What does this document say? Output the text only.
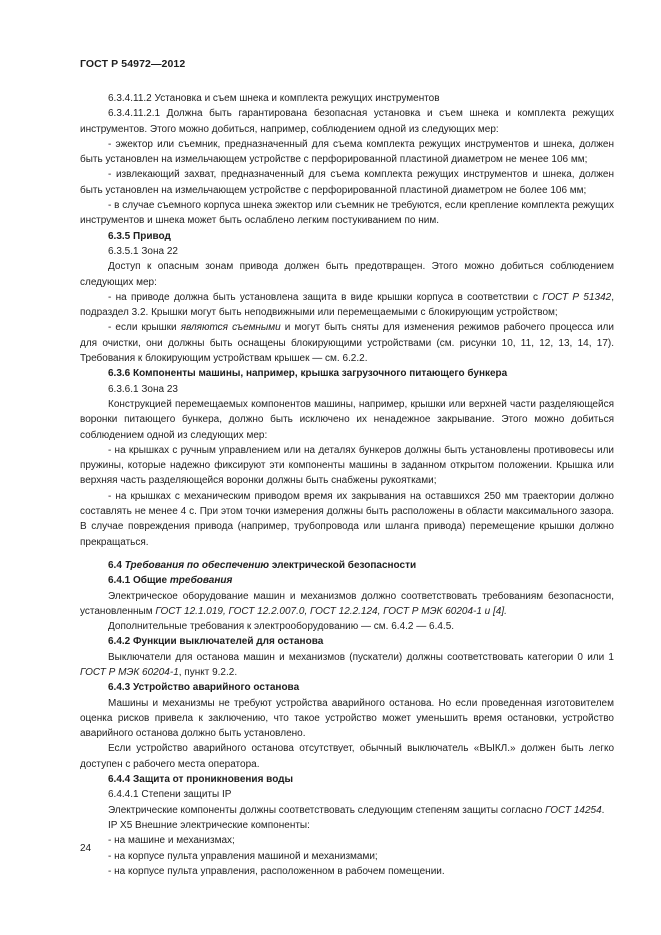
ГОСТ Р 54972—2012

6.3.4.11.2 Установка и съем шнека и комплекта режущих инструментов

6.3.4.11.2.1 Должна быть гарантирована безопасная установка и съем шнека и комплекта режущих инструментов. Этого можно добиться, например, соблюдением одной из следующих мер:

- эжектор или съемник, предназначенный для съема комплекта режущих инструментов и шнека, должен быть установлен на измельчающем устройстве с перфорированной пластиной диаметром не менее 106 мм;

- извлекающий захват, предназначенный для съема комплекта режущих инструментов и шнека, должен быть установлен на измельчающем устройстве с перфорированной пластиной диаметром не более 106 мм;

- в случае съемного корпуса шнека эжектор или съемник не требуются, если крепление комплекта режущих инструментов и шнека может быть ослаблено легким постукиванием по ним.

6.3.5 Привод

6.3.5.1 Зона 22

Доступ к опасным зонам привода должен быть предотвращен. Этого можно добиться соблюдением следующих мер:

- на приводе должна быть установлена защита в виде крышки корпуса в соответствии с ГОСТ Р 51342, подраздел 3.2. Крышки могут быть неподвижными или перемещаемыми с блокирующим устройством;

- если крышки являются съемными и могут быть сняты для изменения режимов рабочего процесса или для очистки, они должны быть оснащены блокирующими устройствами (см. рисунки 10, 11, 12, 13, 14, 17). Требования к блокирующим устройствам крышек — см. 6.2.2.

6.3.6 Компоненты машины, например, крышка загрузочного питающего бункера

6.3.6.1 Зона 23

Конструкцией перемещаемых компонентов машины, например, крышки или верхней части разделяющейся воронки питающего бункера, должно быть исключено их ненадежное закрывание. Этого можно добиться соблюдением одной из следующих мер:

- на крышках с ручным управлением или на деталях бункеров должны быть установлены противовесы или пружины, которые надежно фиксируют эти компоненты машины в заданном открытом положении. Крышка или верхняя часть разделяющейся воронки должны быть снабжены рукоятками;

- на крышках с механическим приводом время их закрывания на оставшихся 250 мм траектории должно составлять не менее 4 с. При этом точки измерения должны быть расположены в области максимального зазора. В случае повреждения привода (например, трубопровода или шланга привода) перемещение крышки должно прекращаться.

6.4 Требования по обеспечению электрической безопасности

6.4.1 Общие требования

Электрическое оборудование машин и механизмов должно соответствовать требованиям безопасности, установленным ГОСТ 12.1.019, ГОСТ 12.2.007.0, ГОСТ 12.2.124, ГОСТ Р МЭК 60204-1 и [4].

Дополнительные требования к электрооборудованию — см. 6.4.2 — 6.4.5.

6.4.2 Функции выключателей для останова

Выключатели для останова машин и механизмов (пускатели) должны соответствовать категории 0 или 1 ГОСТ Р МЭК 60204-1, пункт 9.2.2.

6.4.3 Устройство аварийного останова

Машины и механизмы не требуют устройства аварийного останова. Но если проведенная изготовителем оценка рисков привела к заключению, что такое устройство может уменьшить время остановки, устройство аварийного останова должно быть установлено.

Если устройство аварийного останова отсутствует, обычный выключатель «ВЫКЛ.» должен быть легко доступен с рабочего места оператора.

6.4.4 Защита от проникновения воды

6.4.4.1 Степени защиты IP

Электрические компоненты должны соответствовать следующим степеням защиты согласно ГОСТ 14254.

IP X5 Внешние электрические компоненты:

- на машине и механизмах;

- на корпусе пульта управления машиной и механизмами;

- на корпусе пульта управления, расположенном в рабочем помещении.

24
